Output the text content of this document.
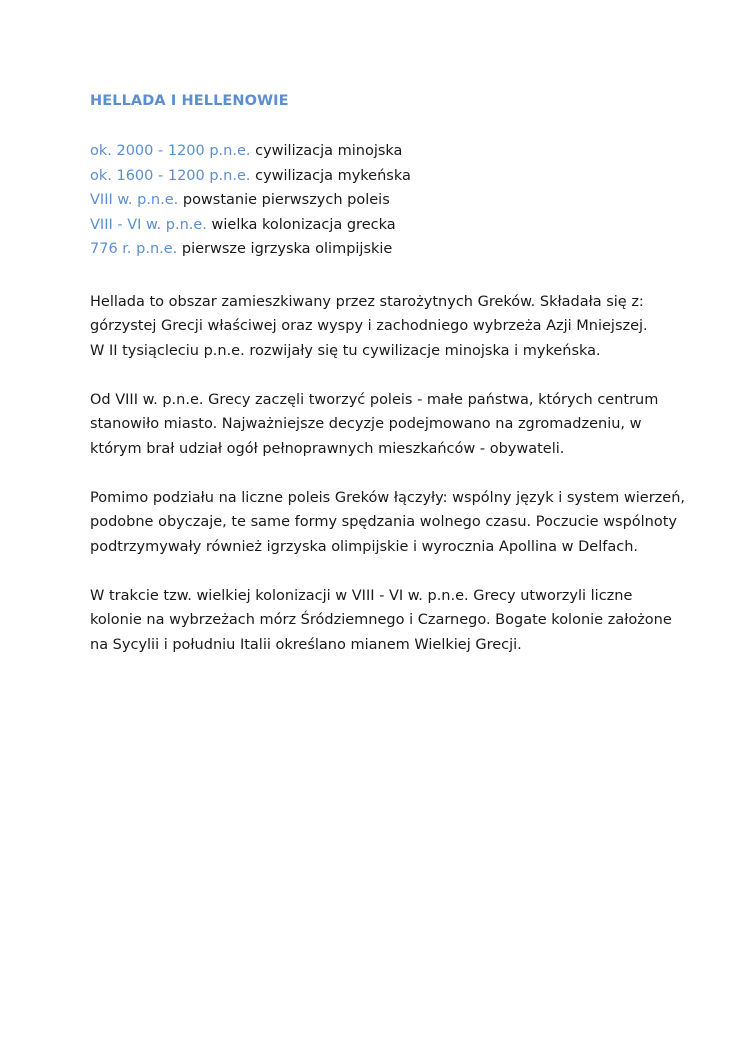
HELLADA I HELLENOWIE
ok. 2000 - 1200 p.n.e. cywilizacja minojska
ok. 1600 - 1200 p.n.e. cywilizacja mykeńska
VIII w. p.n.e. powstanie pierwszych poleis
VIII - VI w. p.n.e. wielka kolonizacja grecka
776 r. p.n.e. pierwsze igrzyska olimpijskie

Hellada to obszar zamieszkiwany przez starożytnych Greków. Składała się z:
górzystej Grecji właściwej oraz wyspy i zachodniego wybrzeża Azji Mniejszej.
W II tysiącleciu p.n.e. rozwijały się tu cywilizacje minojska i mykeńska.

Od VIII w. p.n.e. Grecy zaczęli tworzyć poleis - małe państwa, których centrum
stanowiło miasto. Najważniejsze decyzje podejmowano na zgromadzeniu, w
którym brał udział ogół pełnoprawnych mieszkańców - obywateli.

Pomimo podziału na liczne poleis Greków łączyły: wspólny język i system wierzeń,
podobne obyczaje, te same formy spędzania wolnego czasu. Poczucie wspólnoty
podtrzymywały również igrzyska olimpijskie i wyrocznia Apollina w Delfach.

W trakcie tzw. wielkiej kolonizacji w VIII - VI w. p.n.e. Grecy utworzyli liczne
kolonie na wybrzeżach mórz Śródziemnego i Czarnego. Bogate kolonie założone
na Sycylii i południu Italii określano mianem Wielkiej Grecji.
